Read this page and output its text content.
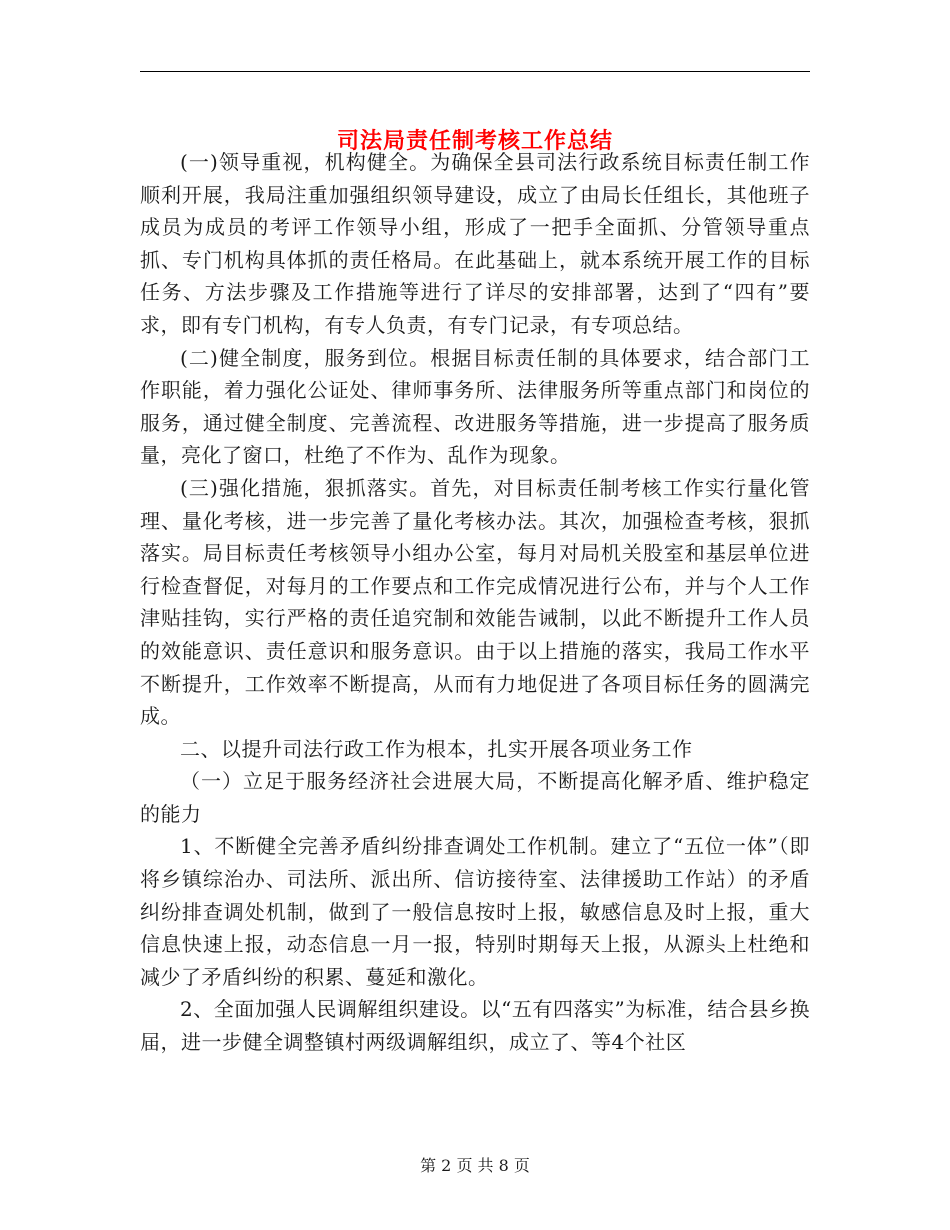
司法局责任制考核工作总结

(一)领导重视，机构健全。为确保全县司法行政系统目标责任制工作顺利开展，我局注重加强组织领导建设，成立了由局长任组长，其他班子成员为成员的考评工作领导小组，形成了一把手全面抓、分管领导重点抓、专门机构具体抓的责任格局。在此基础上，就本系统开展工作的目标任务、方法步骤及工作措施等进行了详尽的安排部署，达到了“四有”要求，即有专门机构，有专人负责，有专门记录，有专项总结。

(二)健全制度，服务到位。根据目标责任制的具体要求，结合部门工作职能，着力强化公证处、律师事务所、法律服务所等重点部门和岗位的服务，通过健全制度、完善流程、改进服务等措施，进一步提高了服务质量，亮化了窗口，杜绝了不作为、乱作为现象。

(三)强化措施，狠抓落实。首先，对目标责任制考核工作实行量化管理、量化考核，进一步完善了量化考核办法。其次，加强检查考核，狠抓落实。局目标责任考核领导小组办公室，每月对局机关股室和基层单位进行检查督促，对每月的工作要点和工作完成情况进行公布，并与个人工作津贴挂钩，实行严格的责任追究制和效能告诫制，以此不断提升工作人员的效能意识、责任意识和服务意识。由于以上措施的落实，我局工作水平不断提升，工作效率不断提高，从而有力地促进了各项目标任务的圆满完成。

二、以提升司法行政工作为根本，扎实开展各项业务工作

（一）立足于服务经济社会进展大局，不断提高化解矛盾、维护稳定的能力

1、不断健全完善矛盾纠纷排查调处工作机制。建立了“五位一体”（即将乡镇综治办、司法所、派出所、信访接待室、法律援助工作站）的矛盾纠纷排查调处机制，做到了一般信息按时上报，敏感信息及时上报，重大信息快速上报，动态信息一月一报，特别时期每天上报，从源头上杜绝和减少了矛盾纠纷的积累、蔓延和激化。

2、全面加强人民调解组织建设。以“五有四落实”为标准，结合县乡换届，进一步健全调整镇村两级调解组织，成立了、等4个社区

第 2 页 共 8 页
